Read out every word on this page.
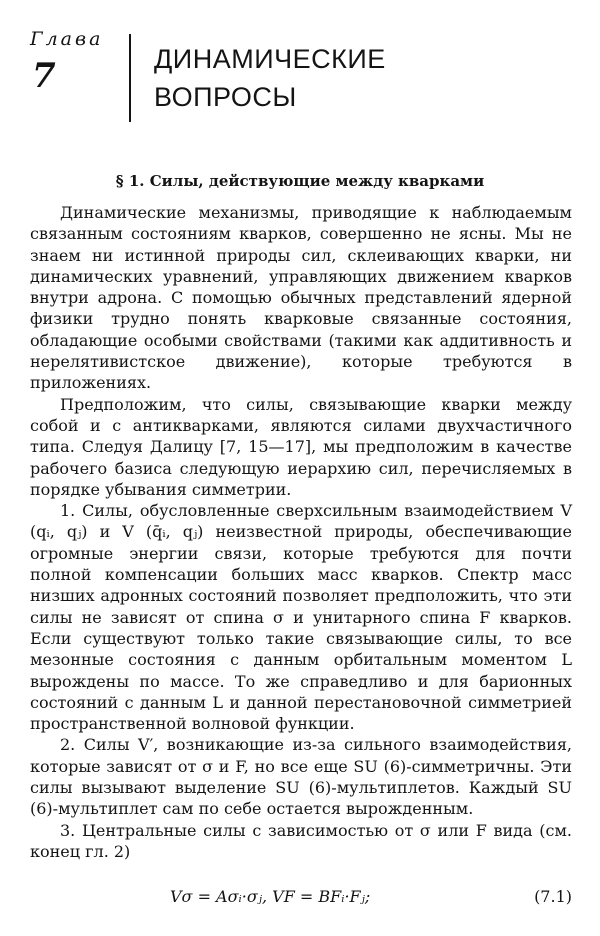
Глава
7	ДИНАМИЧЕСКИЕ
ВОПРОСЫ
§ 1. Силы, действующие между кварками

Динамические механизмы, приводящие к наблюдаемым связанным состояниям кварков, совершенно не ясны. Мы не знаем ни истинной природы сил, склеивающих кварки, ни динамических уравнений, управляющих движением кварков внутри адрона. С помощью обычных представлений ядерной физики трудно понять кварковые связанные состояния, обладающие особыми свойствами (такими как аддитивность и нерелятивистское движение), которые требуются в приложениях.

Предположим, что силы, связывающие кварки между собой и с антикварками, являются силами двухчастичного типа. Следуя Далицу [7, 15—17], мы предположим в качестве рабочего базиса следующую иерархию сил, перечисляемых в порядке убывания симметрии.

1. Силы, обусловленные сверхсильным взаимодействием V (qᵢ, qⱼ) и V (q̄ᵢ, qⱼ) неизвестной природы, обеспечивающие огромные энергии связи, которые требуются для почти полной компенсации больших масс кварков. Спектр масс низших адронных состояний позволяет предположить, что эти силы не зависят от спина σ и унитарного спина F кварков. Если существуют только такие связывающие силы, то все мезонные состояния с данным орбитальным моментом L вырождены по массе. То же справедливо и для барионных состояний с данным L и данной перестановочной симметрией пространственной волновой функции.

2. Силы V′, возникающие из-за сильного взаимодействия, которые зависят от σ и F, но все еще SU (6)-симметричны. Эти силы вызывают выделение SU (6)-мультиплетов. Каждый SU (6)-мультиплет сам по себе остается вырожденным.

3. Центральные силы с зависимостью от σ или F вида (см. конец гл. 2)

Vσ = Aσᵢ·σⱼ, VF = BFᵢ·Fⱼ;	(7.1)
